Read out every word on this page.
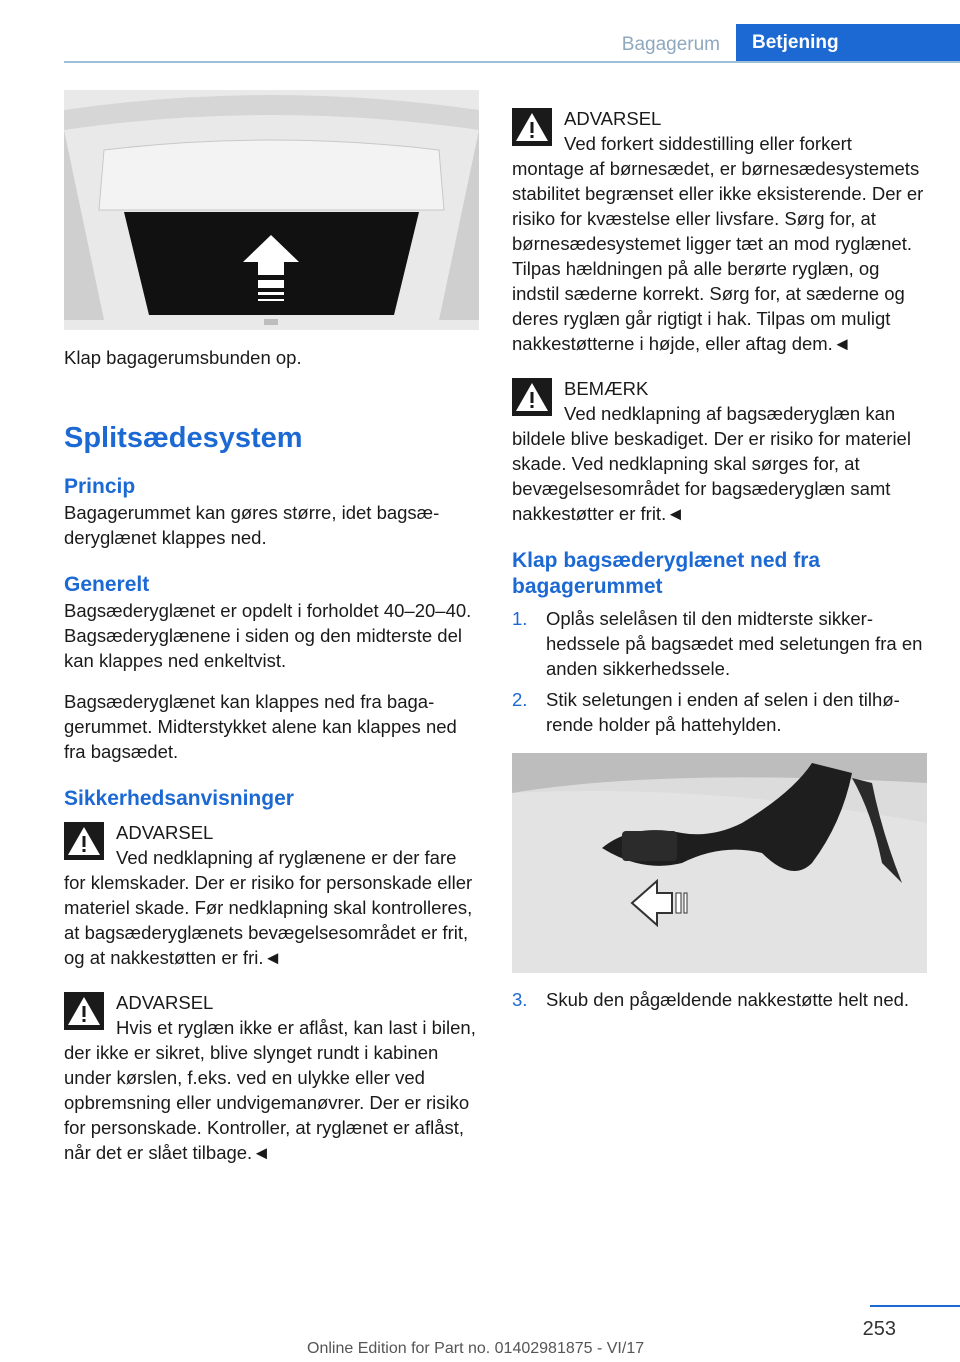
Bagagerum	Betjening

Klap bagagerumsbunden op.

Splitsædesystem
Princip

Bagagerummet kan gøres større, idet bagsæderyglænet klappes ned.

Generelt

Bagsæderyglænet er opdelt i forholdet 40–20–40. Bagsæderyglænene i siden og den midterste del kan klappes ned enkeltvist.

Bagsæderyglænet kan klappes ned fra bagagerummet. Midterstykket alene kan klappes ned fra bagsædet.

Sikkerhedsanvisninger
ADVARSEL
Ved nedklapning af ryglænene er der fare for klemskader. Der er risiko for personskade eller materiel skade. Før nedklapning skal kontrolleres, at bagsæderyglænets bevægelsesområdet er frit, og at nakkestøtten er fri.◄
ADVARSEL
Hvis et ryglæn ikke er aflåst, kan last i bilen, der ikke er sikret, blive slynget rundt i kabinen under kørslen, f.eks. ved en ulykke eller ved opbremsning eller undvigemanøvrer. Der er risiko for personskade. Kontroller, at ryglænet er aflåst, når det er slået tilbage.◄
ADVARSEL
Ved forkert siddestilling eller forkert montage af børnesædet, er børnesædesystemets stabilitet begrænset eller ikke eksisterende. Der er risiko for kvæstelse eller livsfare. Sørg for, at børnesædesystemet ligger tæt an mod ryglænet. Tilpas hældningen på alle berørte ryglæn, og indstil sæderne korrekt. Sørg for, at sæderne og deres ryglæn går rigtigt i hak. Tilpas om muligt nakkestøtterne i højde, eller aftag dem.◄
BEMÆRK
Ved nedklapning af bagsæderyglæn kan bildele blive beskadiget. Der er risiko for materiel skade. Ved nedklapning skal sørges for, at bevægelsesområdet for bagsæderyglæn samt nakkestøtter er frit.◄
Klap bagsæderyglænet ned fra bagagerummet
1. Oplås selelåsen til den midterste sikkerhedssele på bagsædet med seletungen fra en anden sikkerhedssele.
2. Stik seletungen i enden af selen i den tilhørende holder på hattehylden.
3. Skub den pågældende nakkestøtte helt ned.
253
Online Edition for Part no. 01402981875 - VI/17
